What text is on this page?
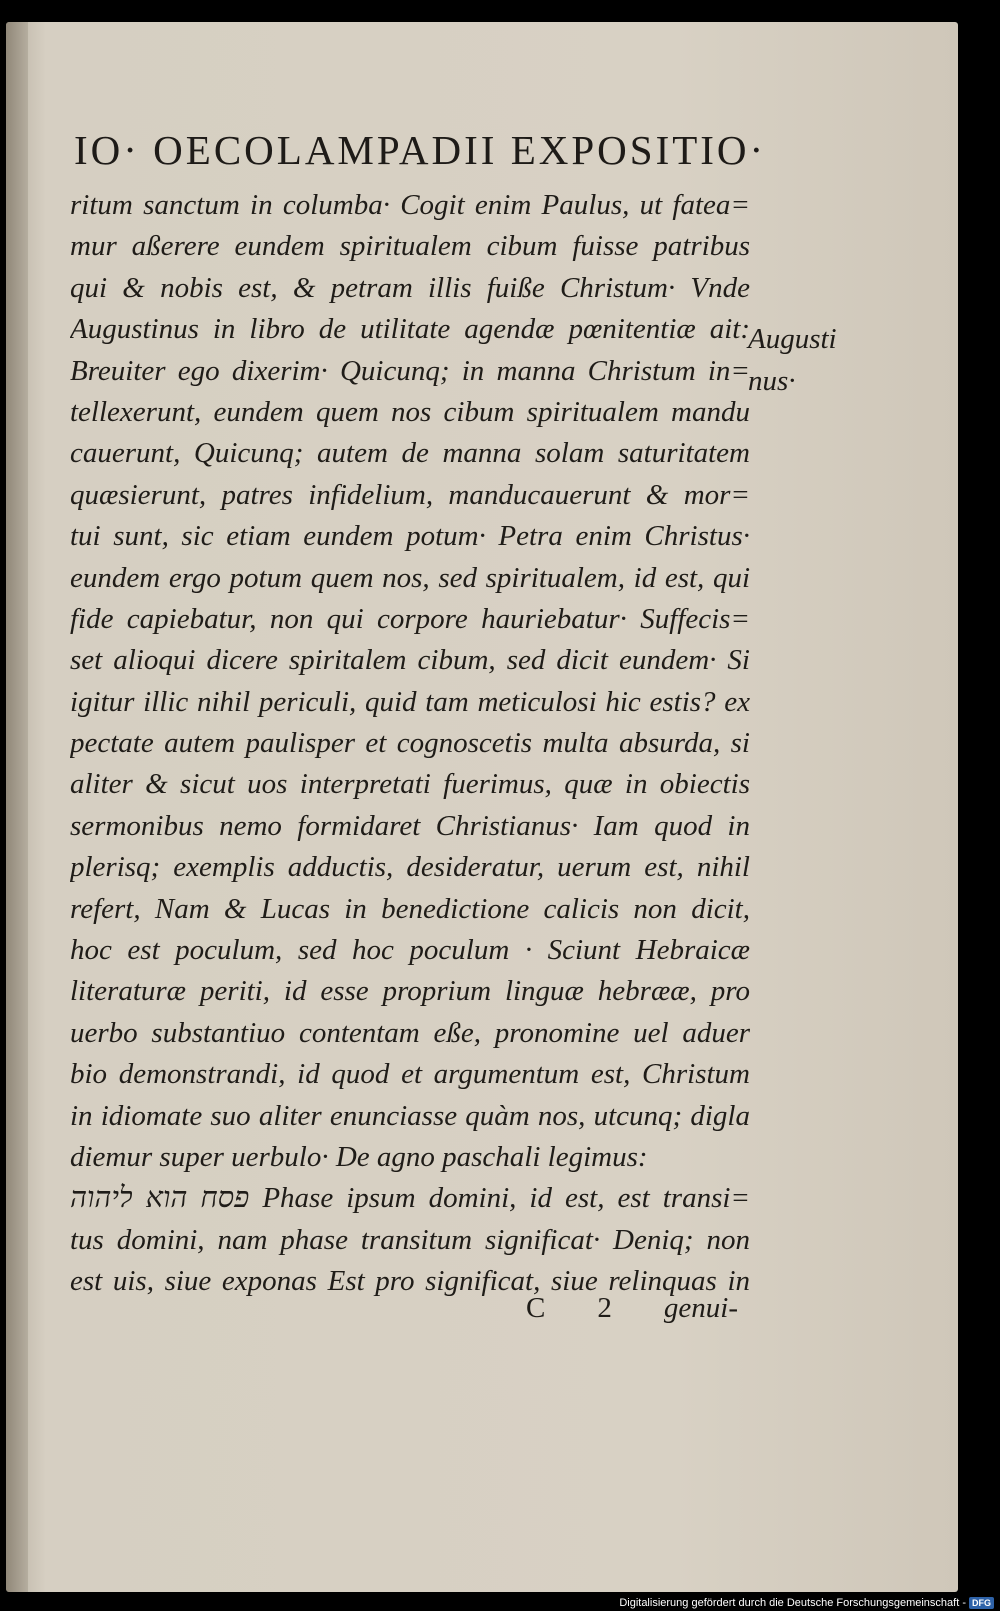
IO· OECOLAMPADII EXPOSITIO·
ritum sanctum in columba· Cogit enim Paulus, ut fatea=
mur aßerere eundem spiritualem cibum fuisse patribus
qui & nobis est, & petram illis fuiße Christum· Vnde
Augustinus in libro de utilitate agendæ pœnitentiæ ait:
Breuiter ego dixerim· Quicunq; in manna Christum in=
tellexerunt, eundem quem nos cibum spiritualem mandu
cauerunt, Quicunq; autem de manna solam saturitatem
quæsierunt, patres infidelium, manducauerunt & mor=
tui sunt, sic etiam eundem potum· Petra enim Christus·
eundem ergo potum quem nos, sed spiritualem, id est, qui
fide capiebatur, non qui corpore hauriebatur· Suffecis=
set alioqui dicere spiritalem cibum, sed dicit eundem· Si
igitur illic nihil periculi, quid tam meticulosi hic estis? ex
pectate autem paulisper et cognoscetis multa absurda, si
aliter & sicut uos interpretati fuerimus, quæ in obiectis
sermonibus nemo formidaret Christianus· Iam quod in
plerisq; exemplis adductis, desideratur, uerum est, nihil
refert, Nam & Lucas in benedictione calicis non dicit,
hoc est poculum, sed hoc poculum · Sciunt Hebraicæ
literaturæ periti, id esse proprium linguæ hebrææ, pro
uerbo substantiuo contentam eße, pronomine uel aduer
bio demonstrandi, id quod et argumentum est, Christum
in idiomate suo aliter enunciasse quàm nos, utcunq; digla
diemur super uerbulo· De agno paschali legimus:
פסח הוא ליהוה Phase ipsum domini, id est, est transi=
tus domini, nam phase transitum significat· Deniq; non
est uis, siue exponas Est pro significat, siue relinquas in
Augusti
nus·
C 2 genui-
Digitalisierung gefördert durch die Deutsche Forschungsgemeinschaft - DFG
